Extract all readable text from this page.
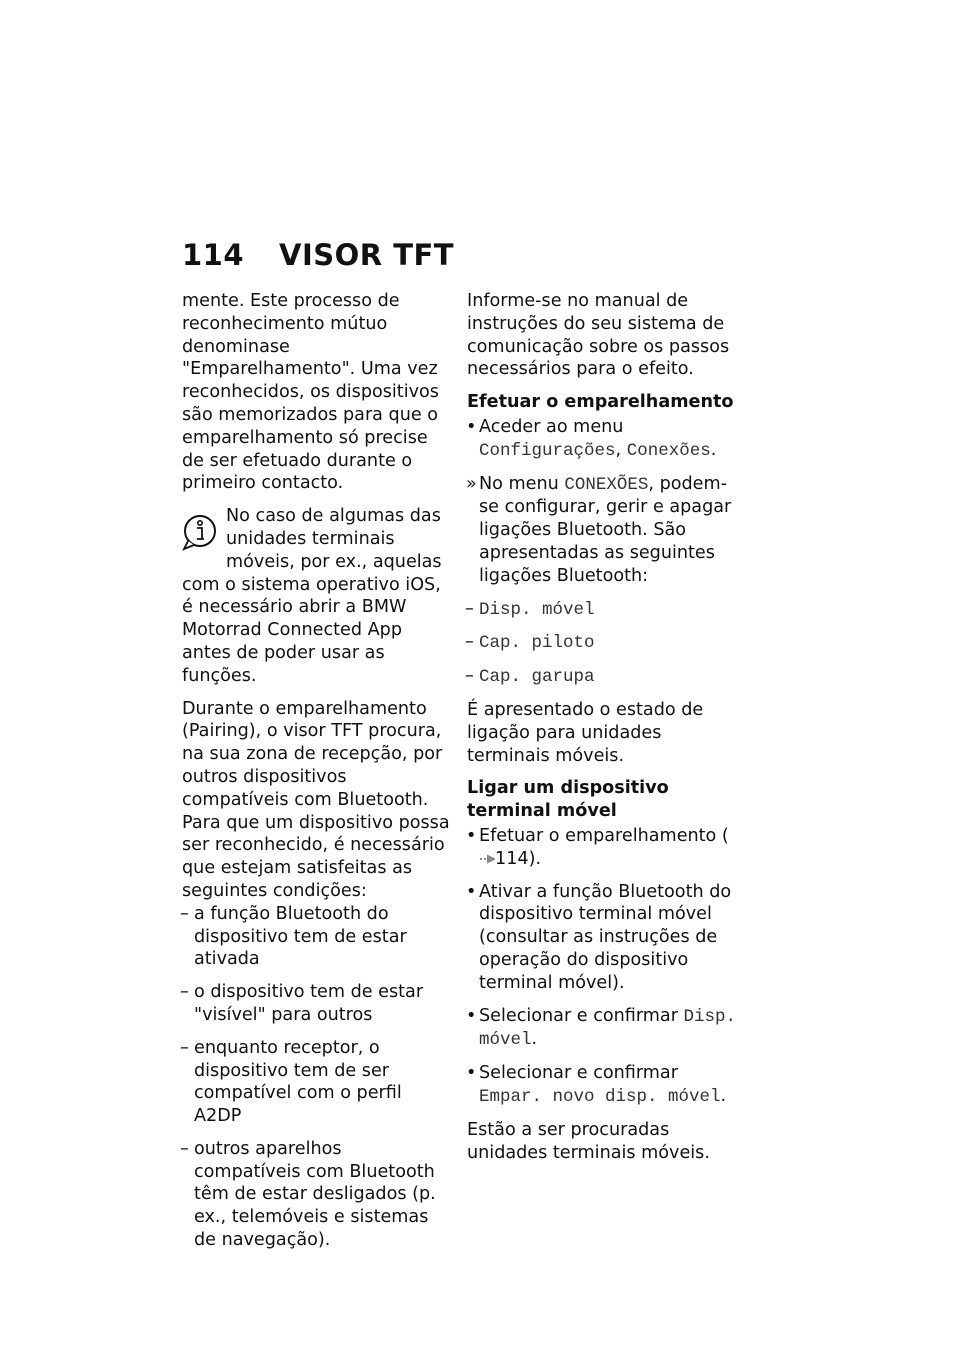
114 VISOR TFT

mente. Este processo de reconhecimento mútuo denominase "Emparelhamento". Uma vez reconhecidos, os dispositivos são memorizados para que o emparelhamento só precise de ser efetuado durante o primeiro contacto.

No caso de algumas das unidades terminais móveis, por ex., aquelas com o sistema operativo iOS, é necessário abrir a BMW Motorrad Connected App antes de poder usar as funções.

Durante o emparelhamento (Pairing), o visor TFT procura, na sua zona de recepção, por outros dispositivos compatíveis com Bluetooth. Para que um dispositivo possa ser reconhecido, é necessário que estejam satisfeitas as seguintes condições:

– a função Bluetooth do dispositivo tem de estar ativada

– o dispositivo tem de estar "visível" para outros

– enquanto receptor, o dispositivo tem de ser compatível com o perfil A2DP

– outros aparelhos compatíveis com Bluetooth têm de estar desligados (p. ex., telemóveis e sistemas de navegação).

Informe-se no manual de instruções do seu sistema de comunicação sobre os passos necessários para o efeito.

Efetuar o emparelhamento

• Aceder ao menu Configurações, Conexões.

» No menu CONEXÕES, podem-se configurar, gerir e apagar ligações Bluetooth. São apresentadas as seguintes ligações Bluetooth:

– Disp. móvel

– Cap. piloto

– Cap. garupa

É apresentado o estado de ligação para unidades terminais móveis.

Ligar um dispositivo terminal móvel

• Efetuar o emparelhamento (114).

• Ativar a função Bluetooth do dispositivo terminal móvel (consultar as instruções de operação do dispositivo terminal móvel).

• Selecionar e confirmar Disp. móvel.

• Selecionar e confirmar Empar. novo disp. móvel.

Estão a ser procuradas unidades terminais móveis.
